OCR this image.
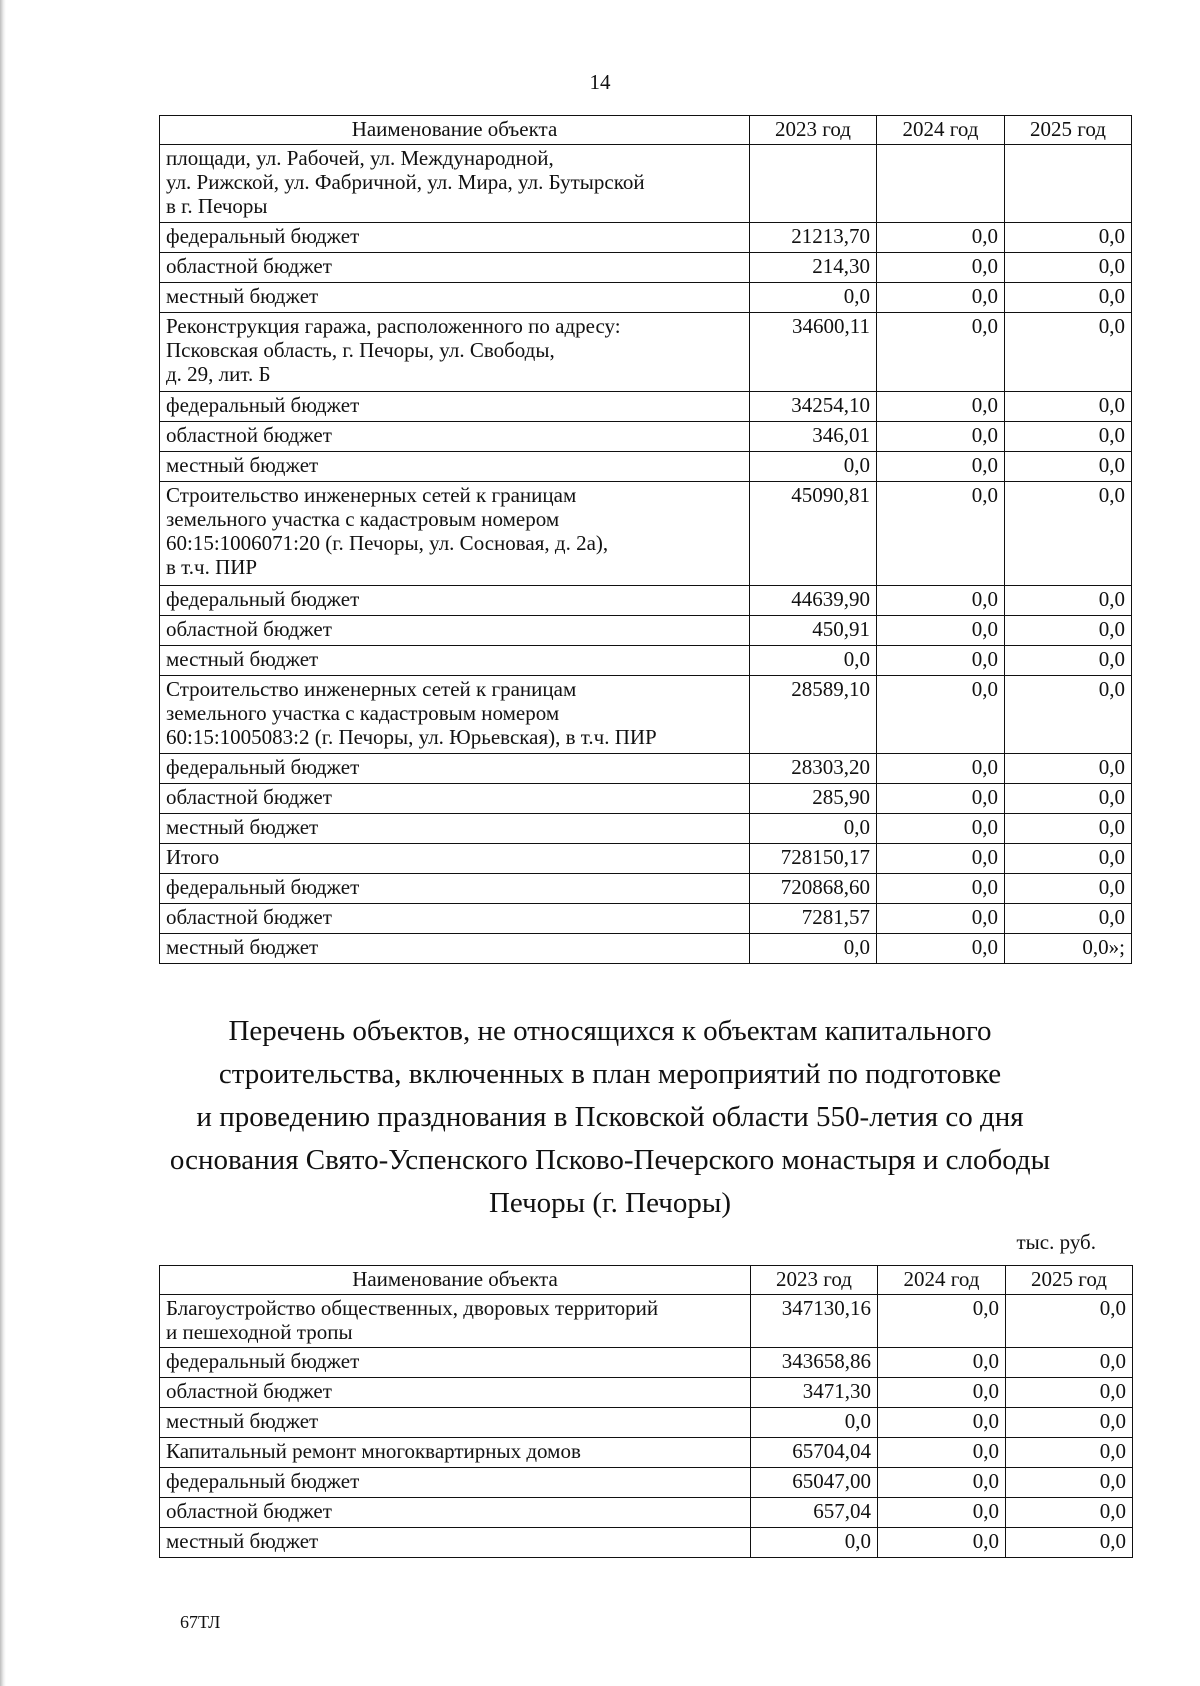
14
Наименование объекта	2023 год	2024 год	2025 год
площади, ул. Рабочей, ул. Международной,
ул. Рижской, ул. Фабричной, ул. Мира, ул. Бутырской
в г. Печоры			
федеральный бюджет	21213,70	0,0	0,0
областной бюджет	214,30	0,0	0,0
местный бюджет	0,0	0,0	0,0
Реконструкция гаража, расположенного по адресу:
Псковская область, г. Печоры, ул. Свободы,
д. 29, лит. Б	34600,11	0,0	0,0
федеральный бюджет	34254,10	0,0	0,0
областной бюджет	346,01	0,0	0,0
местный бюджет	0,0	0,0	0,0
Строительство инженерных сетей к границам
земельного участка с кадастровым номером
60:15:1006071:20 (г. Печоры, ул. Сосновая, д. 2а),
в т.ч. ПИР	45090,81	0,0	0,0
федеральный бюджет	44639,90	0,0	0,0
областной бюджет	450,91	0,0	0,0
местный бюджет	0,0	0,0	0,0
Строительство инженерных сетей к границам
земельного участка с кадастровым номером
60:15:1005083:2 (г. Печоры, ул. Юрьевская), в т.ч. ПИР	28589,10	0,0	0,0
федеральный бюджет	28303,20	0,0	0,0
областной бюджет	285,90	0,0	0,0
местный бюджет	0,0	0,0	0,0
Итого	728150,17	0,0	0,0
федеральный бюджет	720868,60	0,0	0,0
областной бюджет	7281,57	0,0	0,0
местный бюджет	0,0	0,0	0,0»;
Перечень объектов, не относящихся к объектам капитального
строительства, включенных в план мероприятий по подготовке
и проведению празднования в Псковской области 550-летия со дня
основания Свято-Успенского Псково-Печерского монастыря и слободы
Печоры (г. Печоры)
тыс. руб.
Наименование объекта	2023 год	2024 год	2025 год
Благоустройство общественных, дворовых территорий
и пешеходной тропы	347130,16	0,0	0,0
федеральный бюджет	343658,86	0,0	0,0
областной бюджет	3471,30	0,0	0,0
местный бюджет	0,0	0,0	0,0
Капитальный ремонт многоквартирных домов	65704,04	0,0	0,0
федеральный бюджет	65047,00	0,0	0,0
областной бюджет	657,04	0,0	0,0
местный бюджет	0,0	0,0	0,0
67ТЛ
